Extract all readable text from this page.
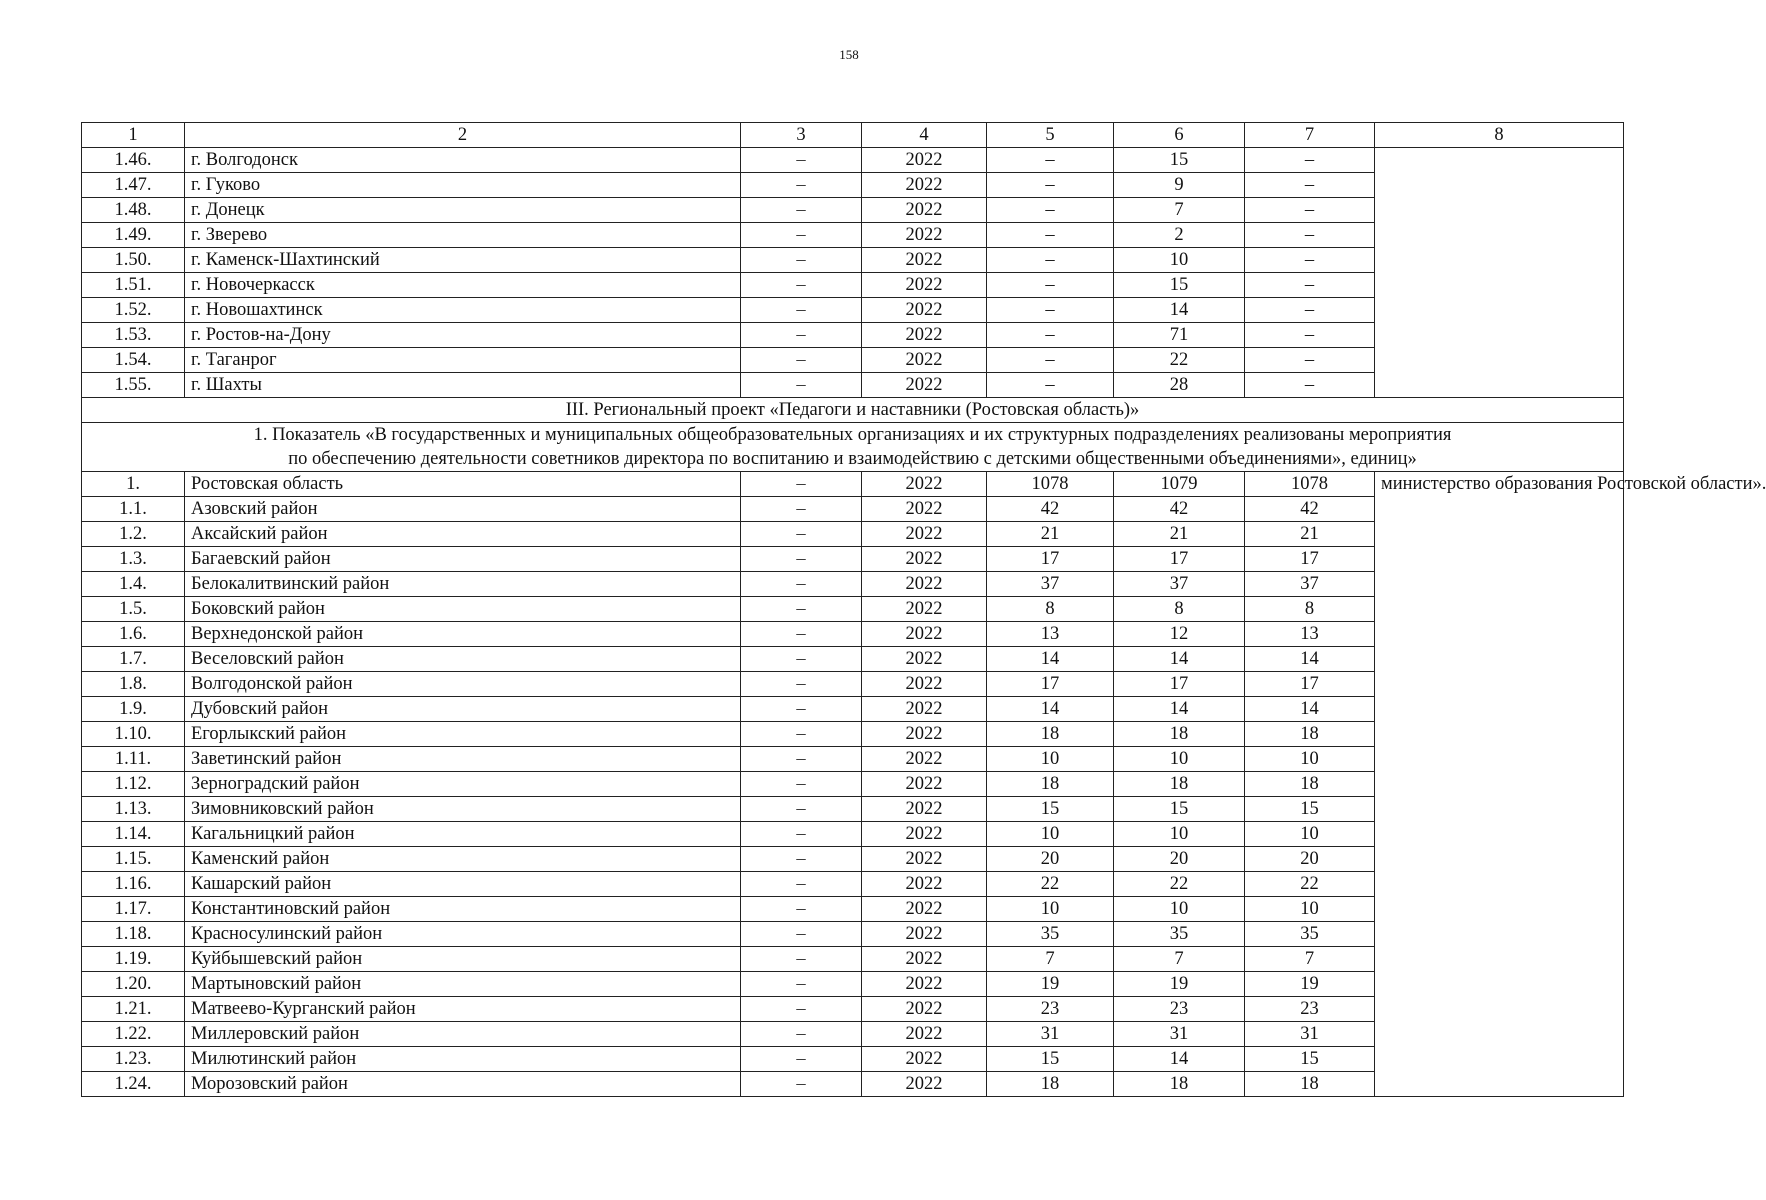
158
1	2	3	4	5	6	7	8
1.46.	г. Волгодонск	–	2022	–	15	–	
1.47.	г. Гуково	–	2022	–	9	–	
1.48.	г. Донецк	–	2022	–	7	–	
1.49.	г. Зверево	–	2022	–	2	–	
1.50.	г. Каменск-Шахтинский	–	2022	–	10	–	
1.51.	г. Новочеркасск	–	2022	–	15	–	
1.52.	г. Новошахтинск	–	2022	–	14	–	
1.53.	г. Ростов-на-Дону	–	2022	–	71	–	
1.54.	г. Таганрог	–	2022	–	22	–	
1.55.	г. Шахты	–	2022	–	28	–	
III. Региональный проект «Педагоги и наставники (Ростовская область)»							

1. Показатель «В государственных и муниципальных общеобразовательных организациях и их структурных подразделениях реализованы мероприятия
по обеспечению деятельности советников директора по воспитанию и взаимодействию с детскими общественными объединениями», единиц»							

1.	Ростовская область	–	2022	1078	1079	1078	министерство образования Ростовской области».
1.1.	Азовский район	–	2022	42	42	42	
1.2.	Аксайский район	–	2022	21	21	21	
1.3.	Багаевский район	–	2022	17	17	17	
1.4.	Белокалитвинский район	–	2022	37	37	37	
1.5.	Боковский район	–	2022	8	8	8	
1.6.	Верхнедонской район	–	2022	13	12	13	
1.7.	Веселовский район	–	2022	14	14	14	
1.8.	Волгодонской район	–	2022	17	17	17	
1.9.	Дубовский район	–	2022	14	14	14	
1.10.	Егорлыкский район	–	2022	18	18	18	
1.11.	Заветинский район	–	2022	10	10	10	
1.12.	Зерноградский район	–	2022	18	18	18	
1.13.	Зимовниковский район	–	2022	15	15	15	
1.14.	Кагальницкий район	–	2022	10	10	10	
1.15.	Каменский район	–	2022	20	20	20	
1.16.	Кашарский район	–	2022	22	22	22	
1.17.	Константиновский район	–	2022	10	10	10	
1.18.	Красносулинский район	–	2022	35	35	35	
1.19.	Куйбышевский район	–	2022	7	7	7	
1.20.	Мартыновский район	–	2022	19	19	19	
1.21.	Матвеево-Курганский район	–	2022	23	23	23	
1.22.	Миллеровский район	–	2022	31	31	31	
1.23.	Милютинский район	–	2022	15	14	15	
1.24.	Морозовский район	–	2022	18	18	18	
